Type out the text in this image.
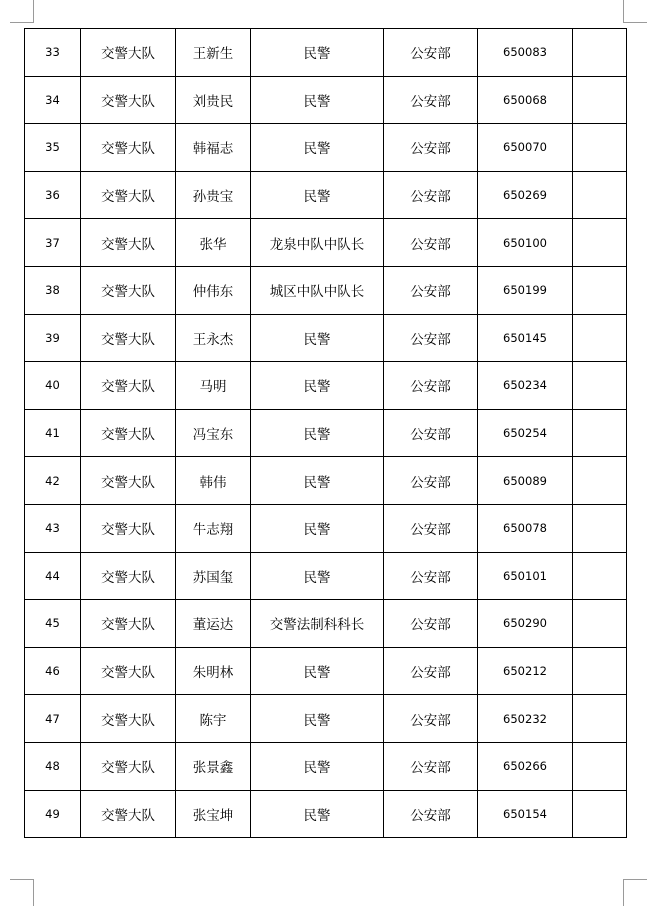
33	交警大队	王新生	民警	公安部	650083	
34	交警大队	刘贵民	民警	公安部	650068	
35	交警大队	韩福志	民警	公安部	650070	
36	交警大队	孙贵宝	民警	公安部	650269	
37	交警大队	张华	龙泉中队中队长	公安部	650100	
38	交警大队	仲伟东	城区中队中队长	公安部	650199	
39	交警大队	王永杰	民警	公安部	650145	
40	交警大队	马明	民警	公安部	650234	
41	交警大队	冯宝东	民警	公安部	650254	
42	交警大队	韩伟	民警	公安部	650089	
43	交警大队	牛志翔	民警	公安部	650078	
44	交警大队	苏国玺	民警	公安部	650101	
45	交警大队	董运达	交警法制科科长	公安部	650290	
46	交警大队	朱明林	民警	公安部	650212	
47	交警大队	陈宇	民警	公安部	650232	
48	交警大队	张景鑫	民警	公安部	650266	
49	交警大队	张宝坤	民警	公安部	650154	
